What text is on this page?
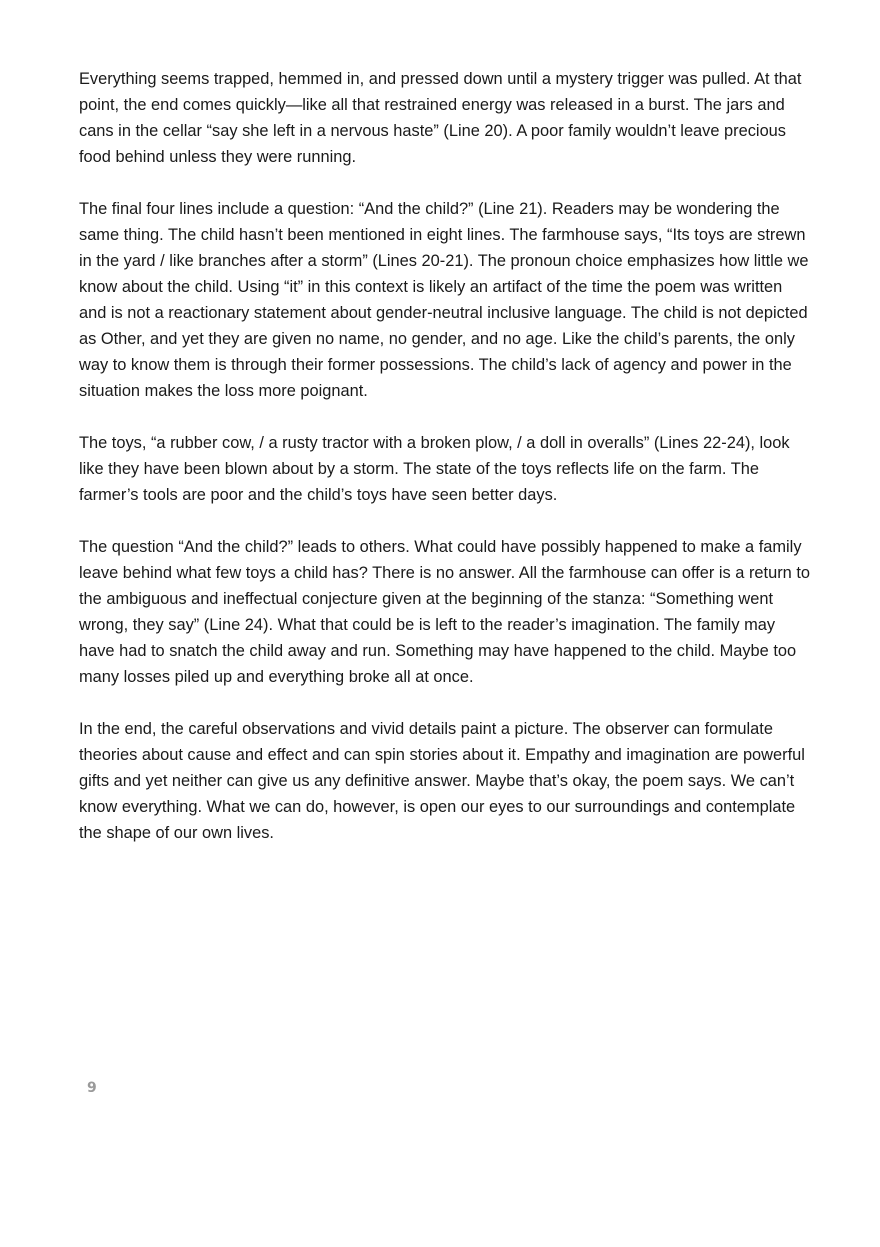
Everything seems trapped, hemmed in, and pressed down until a mystery trigger was pulled. At that point, the end comes quickly—like all that restrained energy was released in a burst. The jars and cans in the cellar “say she left in a nervous haste” (Line 20). A poor family wouldn’t leave precious food behind unless they were running.

The final four lines include a question: “And the child?” (Line 21). Readers may be wondering the same thing. The child hasn’t been mentioned in eight lines. The farmhouse says, “Its toys are strewn in the yard / like branches after a storm” (Lines 20-21). The pronoun choice emphasizes how little we know about the child. Using “it” in this context is likely an artifact of the time the poem was written and is not a reactionary statement about gender-neutral inclusive language. The child is not depicted as Other, and yet they are given no name, no gender, and no age. Like the child’s parents, the only way to know them is through their former possessions. The child’s lack of agency and power in the situation makes the loss more poignant.

The toys, “a rubber cow, / a rusty tractor with a broken plow, / a doll in overalls” (Lines 22-24), look like they have been blown about by a storm. The state of the toys reflects life on the farm. The farmer’s tools are poor and the child’s toys have seen better days.

The question “And the child?” leads to others. What could have possibly happened to make a family leave behind what few toys a child has? There is no answer. All the farmhouse can offer is a return to the ambiguous and ineffectual conjecture given at the beginning of the stanza: “Something went wrong, they say” (Line 24). What that could be is left to the reader’s imagination. The family may have had to snatch the child away and run. Something may have happened to the child. Maybe too many losses piled up and everything broke all at once.

In the end, the careful observations and vivid details paint a picture. The observer can formulate theories about cause and effect and can spin stories about it. Empathy and imagination are powerful gifts and yet neither can give us any definitive answer. Maybe that’s okay, the poem says. We can’t know everything. What we can do, however, is open our eyes to our surroundings and contemplate the shape of our own lives.

9
